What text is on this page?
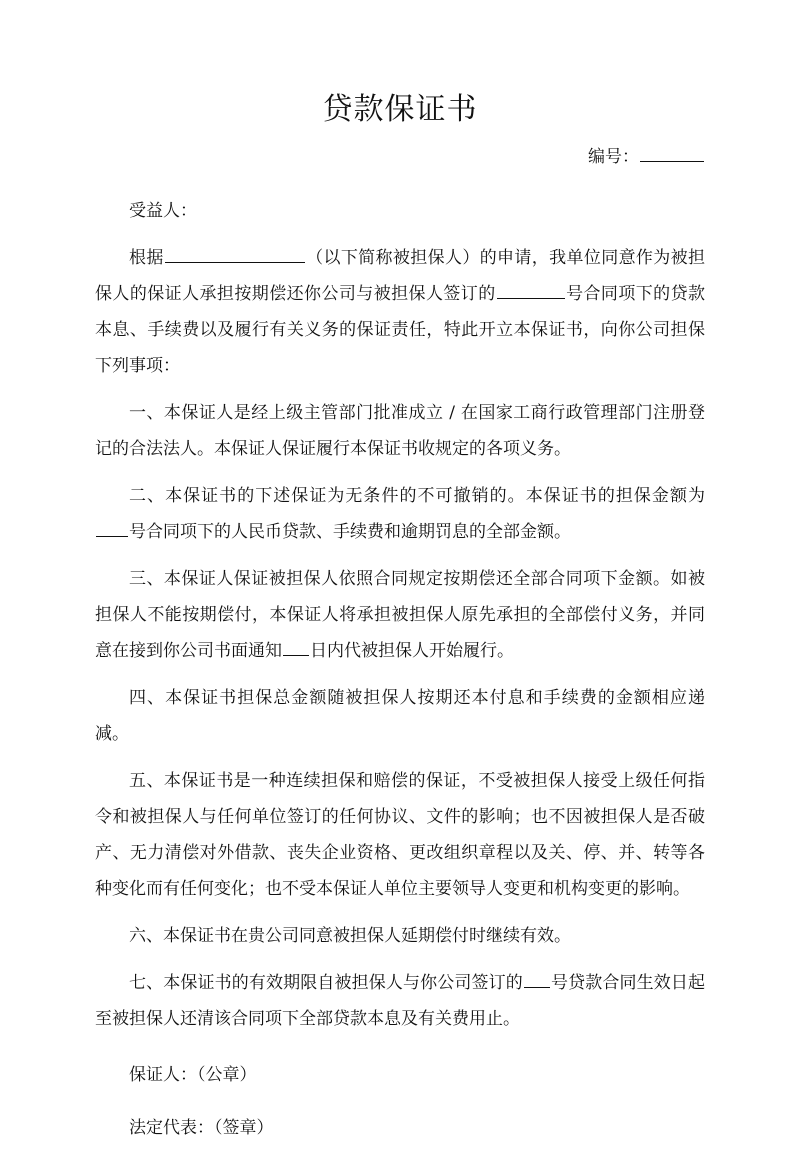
贷款保证书
编号：

受益人：

根据	（以下简称被担保人）的申请，我单位同意作为被担保人的保证人承担按期偿还你公司与被担保人签订的	号合同项下的贷款本息、手续费以及履行有关义务的保证责任，特此开立本保证书，向你公司担保下列事项：

一、本保证人是经上级主管部门批准成立 / 在国家工商行政管理部门注册登记的合法法人。本保证人保证履行本保证书收规定的各项义务。

二、本保证书的下述保证为无条件的不可撤销的。本保证书的担保金额为号合同项下的人民币贷款、手续费和逾期罚息的全部金额。

三、本保证人保证被担保人依照合同规定按期偿还全部合同项下金额。如被担保人不能按期偿付，本保证人将承担被担保人原先承担的全部偿付义务，并同意在接到你公司书面通知 日内代被担保人开始履行。

四、本保证书担保总金额随被担保人按期还本付息和手续费的金额相应递减。

五、本保证书是一种连续担保和赔偿的保证，不受被担保人接受上级任何指令和被担保人与任何单位签订的任何协议、文件的影响；也不因被担保人是否破产、无力清偿对外借款、丧失企业资格、更改组织章程以及关、停、并、转等各种变化而有任何变化；也不受本保证人单位主要领导人变更和机构变更的影响。

六、本保证书在贵公司同意被担保人延期偿付时继续有效。

七、本保证书的有效期限自被担保人与你公司签订的 号贷款合同生效日起至被担保人还清该合同项下全部贷款本息及有关费用止。

保证人：（公章）

法定代表：（签章）
